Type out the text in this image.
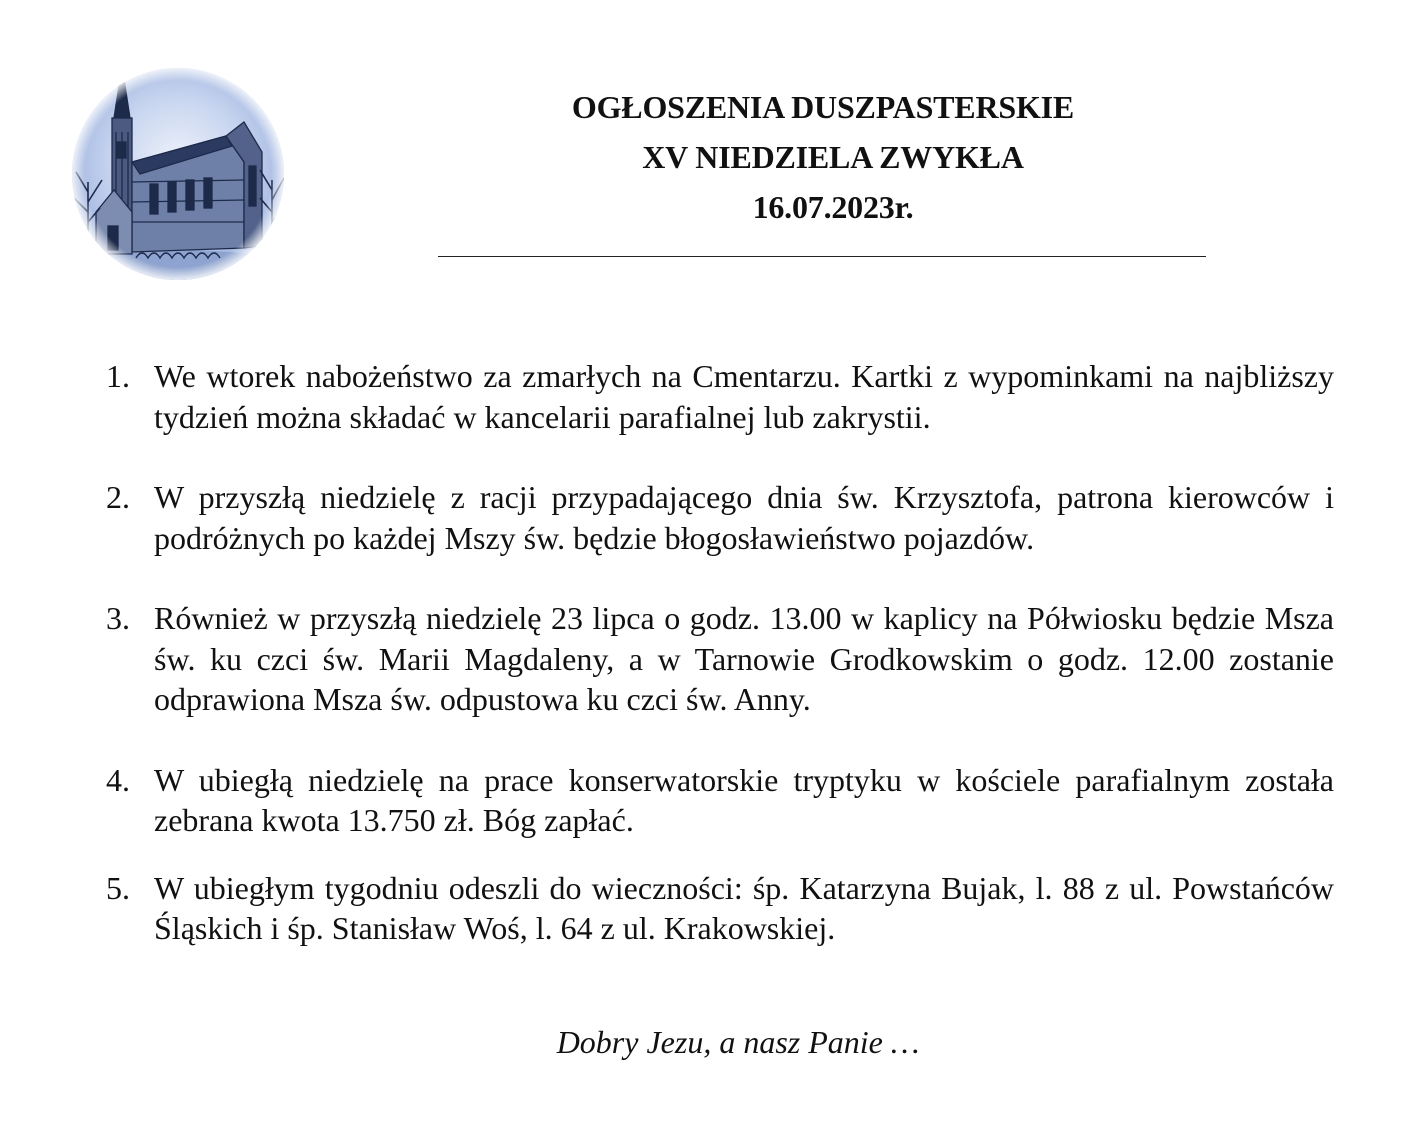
OGŁOSZENIA DUSZPASTERSKIE
XV NIEDZIELA ZWYKŁA
16.07.2023r.
1. We wtorek nabożeństwo za zmarłych na Cmentarzu. Kartki z wypominkami na najbliższy tydzień można składać w kancelarii parafialnej lub zakrystii.
2. W przyszłą niedzielę z racji przypadającego dnia św. Krzysztofa, patrona kierowców i podróżnych po każdej Mszy św. będzie błogosławieństwo pojazdów.
3. Również w przyszłą niedzielę 23 lipca o godz. 13.00 w kaplicy na Półwiosku będzie Msza św. ku czci św. Marii Magdaleny, a w Tarnowie Grodkowskim o godz. 12.00 zostanie odprawiona Msza św. odpustowa ku czci św. Anny.
4. W ubiegłą niedzielę na prace konserwatorskie tryptyku w kościele parafialnym została zebrana kwota 13.750 zł. Bóg zapłać.
5. W ubiegłym tygodniu odeszli do wieczności: śp. Katarzyna Bujak, l. 88 z ul. Powstańców Śląskich i śp. Stanisław Woś, l. 64 z ul. Krakowskiej.
Dobry Jezu, a nasz Panie …
